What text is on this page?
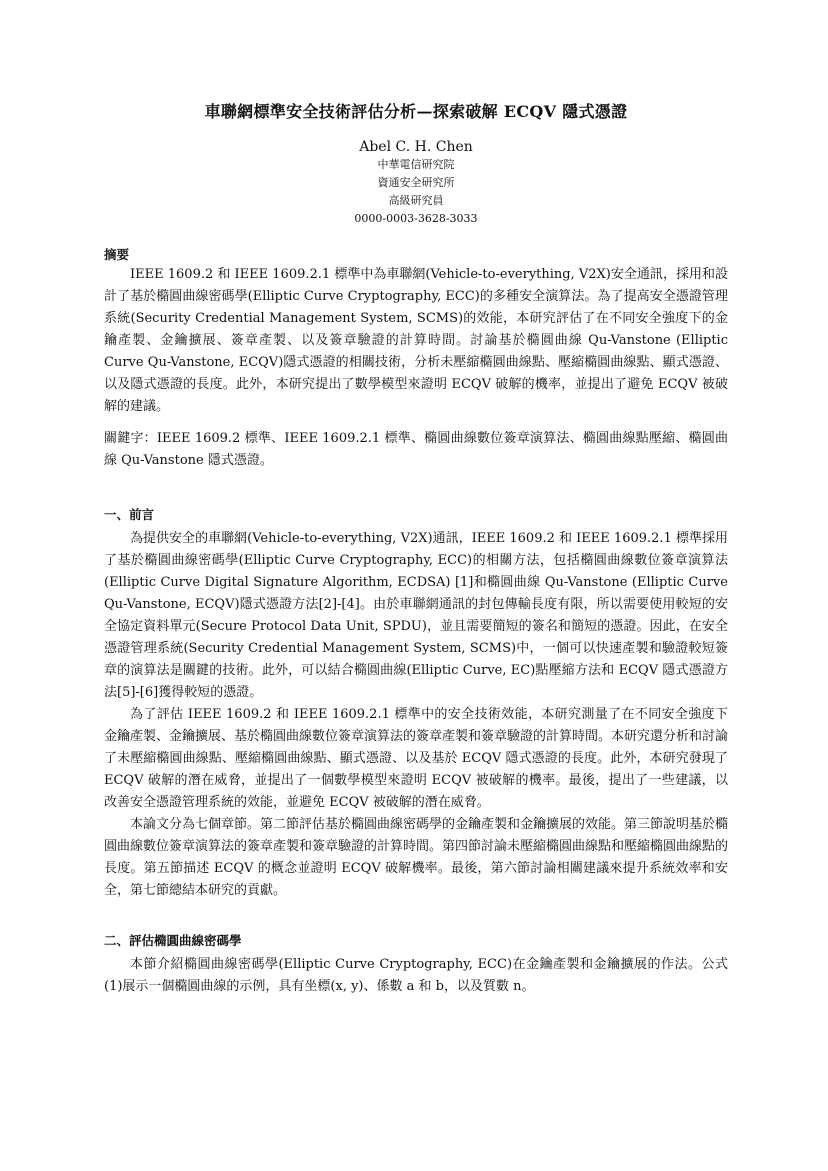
車聯網標準安全技術評估分析—探索破解 ECQV 隱式憑證
Abel C. H. Chen
中華電信研究院
資通安全研究所
高級研究員
0000-0003-3628-3033
摘要

IEEE 1609.2 和 IEEE 1609.2.1 標準中為車聯網(Vehicle-to-everything, V2X)安全通訊，採用和設計了基於橢圓曲線密碼學(Elliptic Curve Cryptography, ECC)的多種安全演算法。為了提高安全憑證管理系統(Security Credential Management System, SCMS)的效能，本研究評估了在不同安全強度下的金鑰產製、金鑰擴展、簽章產製、以及簽章驗證的計算時間。討論基於橢圓曲線 Qu-Vanstone (Elliptic Curve Qu-Vanstone, ECQV)隱式憑證的相關技術，分析未壓縮橢圓曲線點、壓縮橢圓曲線點、顯式憑證、以及隱式憑證的長度。此外，本研究提出了數學模型來證明 ECQV 破解的機率，並提出了避免 ECQV 被破解的建議。

關鍵字：IEEE 1609.2 標準、IEEE 1609.2.1 標準、橢圓曲線數位簽章演算法、橢圓曲線點壓縮、橢圓曲線 Qu-Vanstone 隱式憑證。

一、前言

為提供安全的車聯網(Vehicle-to-everything, V2X)通訊，IEEE 1609.2 和 IEEE 1609.2.1 標準採用了基於橢圓曲線密碼學(Elliptic Curve Cryptography, ECC)的相關方法，包括橢圓曲線數位簽章演算法(Elliptic Curve Digital Signature Algorithm, ECDSA) [1]和橢圓曲線 Qu-Vanstone (Elliptic Curve Qu-Vanstone, ECQV)隱式憑證方法[2]-[4]。由於車聯網通訊的封包傳輸長度有限，所以需要使用較短的安全協定資料單元(Secure Protocol Data Unit, SPDU)，並且需要簡短的簽名和簡短的憑證。因此，在安全憑證管理系統(Security Credential Management System, SCMS)中，一個可以快速產製和驗證較短簽章的演算法是關鍵的技術。此外，可以結合橢圓曲線(Elliptic Curve, EC)點壓縮方法和 ECQV 隱式憑證方法[5]-[6]獲得較短的憑證。

為了評估 IEEE 1609.2 和 IEEE 1609.2.1 標準中的安全技術效能，本研究測量了在不同安全強度下金鑰產製、金鑰擴展、基於橢圓曲線數位簽章演算法的簽章產製和簽章驗證的計算時間。本研究還分析和討論了未壓縮橢圓曲線點、壓縮橢圓曲線點、顯式憑證、以及基於 ECQV 隱式憑證的長度。此外，本研究發現了 ECQV 破解的潛在威脅，並提出了一個數學模型來證明 ECQV 被破解的機率。最後，提出了一些建議，以改善安全憑證管理系統的效能，並避免 ECQV 被破解的潛在威脅。

本論文分為七個章節。第二節評估基於橢圓曲線密碼學的金鑰產製和金鑰擴展的效能。第三節說明基於橢圓曲線數位簽章演算法的簽章產製和簽章驗證的計算時間。第四節討論未壓縮橢圓曲線點和壓縮橢圓曲線點的長度。第五節描述 ECQV 的概念並證明 ECQV 破解機率。最後，第六節討論相關建議來提升系統效率和安全，第七節總結本研究的貢獻。

二、評估橢圓曲線密碼學

本節介紹橢圓曲線密碼學(Elliptic Curve Cryptography, ECC)在金鑰產製和金鑰擴展的作法。公式(1)展示一個橢圓曲線的示例，具有坐標(x, y)、係數 a 和 b，以及質數 n。
